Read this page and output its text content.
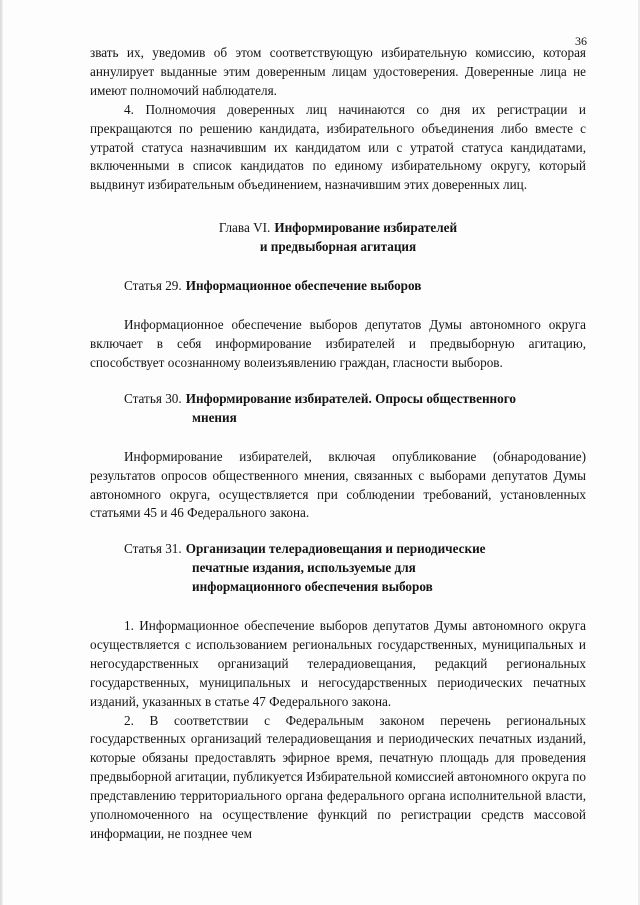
36

звать их, уведомив об этом соответствующую избирательную комиссию, которая аннулирует выданные этим доверенным лицам удостоверения. Доверенные лица не имеют полномочий наблюдателя.

4. Полномочия доверенных лиц начинаются со дня их регистрации и прекращаются по решению кандидата, избирательного объединения либо вместе с утратой статуса назначившим их кандидатом или с утратой статуса кандидатами, включенными в список кандидатов по единому избирательному округу, который выдвинут избирательным объединением, назначившим этих доверенных лиц.

Глава VI. Информирование избирателей
и предвыборная агитация
Статья 29. Информационное обеспечение выборов

Информационное обеспечение выборов депутатов Думы автономного округа включает в себя информирование избирателей и предвыборную агитацию, способствует осознанному волеизъявлению граждан, гласности выборов.

Статья 30. Информирование избирателей. Опросы общественного
мнения

Информирование избирателей, включая опубликование (обнародование) результатов опросов общественного мнения, связанных с выборами депутатов Думы автономного округа, осуществляется при соблюдении требований, установленных статьями 45 и 46 Федерального закона.

Статья 31. Организации телерадиовещания и периодические
печатные издания, используемые для
информационного обеспечения выборов

1. Информационное обеспечение выборов депутатов Думы автономного округа осуществляется с использованием региональных государственных, муниципальных и негосударственных организаций телерадиовещания, редакций региональных государственных, муниципальных и негосударственных периодических печатных изданий, указанных в статье 47 Федерального закона.

2. В соответствии с Федеральным законом перечень региональных государственных организаций телерадиовещания и периодических печатных изданий, которые обязаны предоставлять эфирное время, печатную площадь для проведения предвыборной агитации, публикуется Избирательной комиссией автономного округа по представлению территориального органа федерального органа исполнительной власти, уполномоченного на осуществление функций по регистрации средств массовой информации, не позднее чем
